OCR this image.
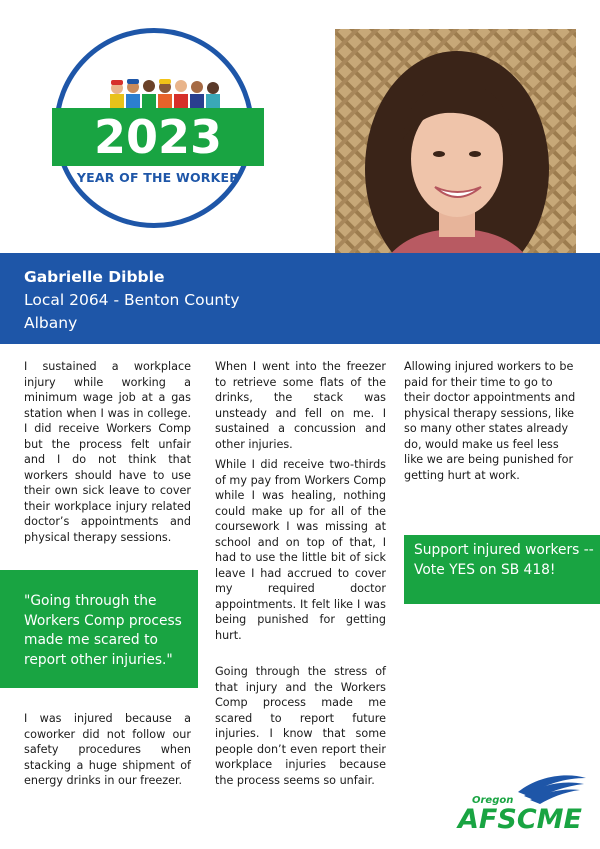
2023
YEAR OF THE WORKER
Gabrielle Dibble
Local 2064 - Benton County
Albany

I sustained a workplace injury while working a minimum wage job at a gas station when I was in college. I did receive Workers Comp but the process felt unfair and I do not think that workers should have to use their own sick leave to cover their workplace injury related doctor’s appointments and physical therapy sessions.

"Going through the Workers Comp process made me scared to report other injuries."

I was injured because a coworker did not follow our safety procedures when stacking a huge shipment of energy drinks in our freezer.

When I went into the freezer to retrieve some flats of the drinks, the stack was unsteady and fell on me. I sustained a concussion and other injuries.

While I did receive two-thirds of my pay from Workers Comp while I was healing, nothing could make up for all of the coursework I was missing at school and on top of that, I had to use the little bit of sick leave I had accrued to cover my required doctor appointments. It felt like I was being punished for getting hurt.

Going through the stress of that injury and the Workers Comp process made me scared to report future injuries. I know that some people don’t even report their workplace injuries because the process seems so unfair.

Allowing injured workers to be paid for their time to go to their doctor appointments and physical therapy sessions, like so many other states already do, would make us feel less like we are being punished for getting hurt at work.

Support injured workers -- Vote YES on SB 418!
Oregon
AFSCME
